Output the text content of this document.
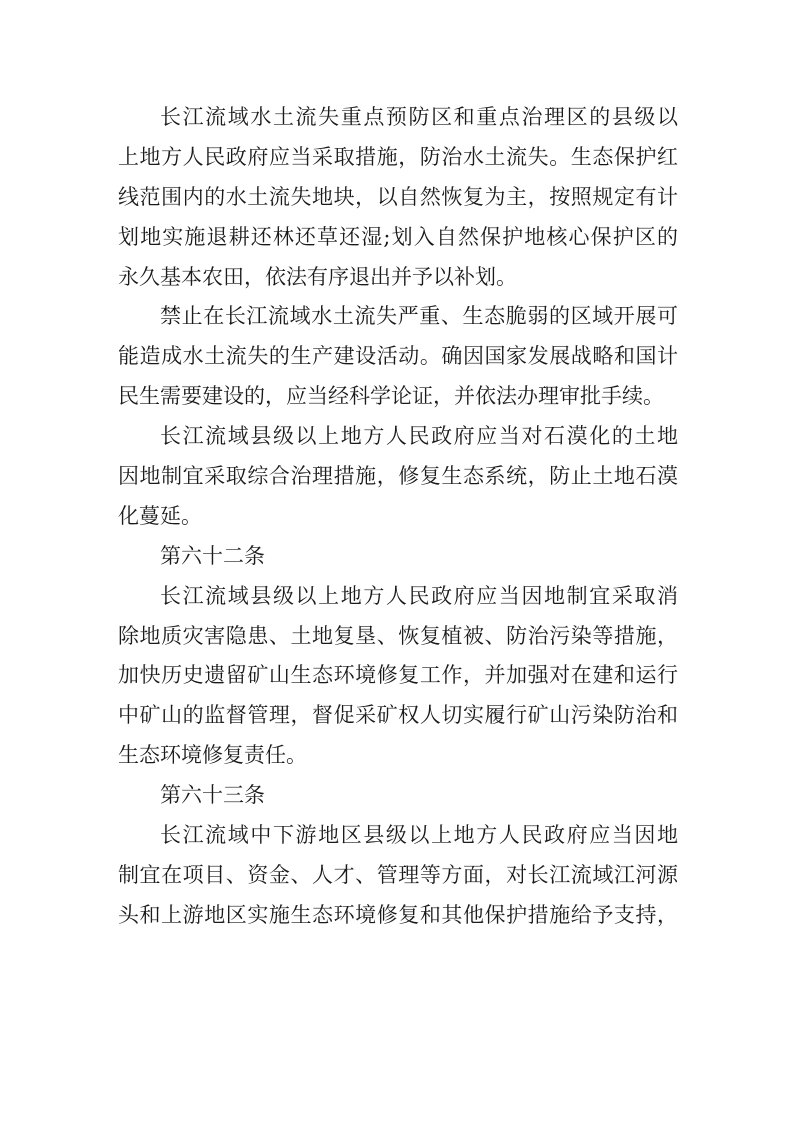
长江流域水土流失重点预防区和重点治理区的县级以
上地方人民政府应当采取措施，防治水土流失。生态保护红
线范围内的水土流失地块，以自然恢复为主，按照规定有计
划地实施退耕还林还草还湿;划入自然保护地核心保护区的
永久基本农田，依法有序退出并予以补划。

禁止在长江流域水土流失严重、生态脆弱的区域开展可
能造成水土流失的生产建设活动。确因国家发展战略和国计
民生需要建设的，应当经科学论证，并依法办理审批手续。

长江流域县级以上地方人民政府应当对石漠化的土地
因地制宜采取综合治理措施，修复生态系统，防止土地石漠
化蔓延。

第六十二条

长江流域县级以上地方人民政府应当因地制宜采取消
除地质灾害隐患、土地复垦、恢复植被、防治污染等措施，
加快历史遗留矿山生态环境修复工作，并加强对在建和运行
中矿山的监督管理，督促采矿权人切实履行矿山污染防治和
生态环境修复责任。

第六十三条

长江流域中下游地区县级以上地方人民政府应当因地
制宜在项目、资金、人才、管理等方面，对长江流域江河源
头和上游地区实施生态环境修复和其他保护措施给予支持，
